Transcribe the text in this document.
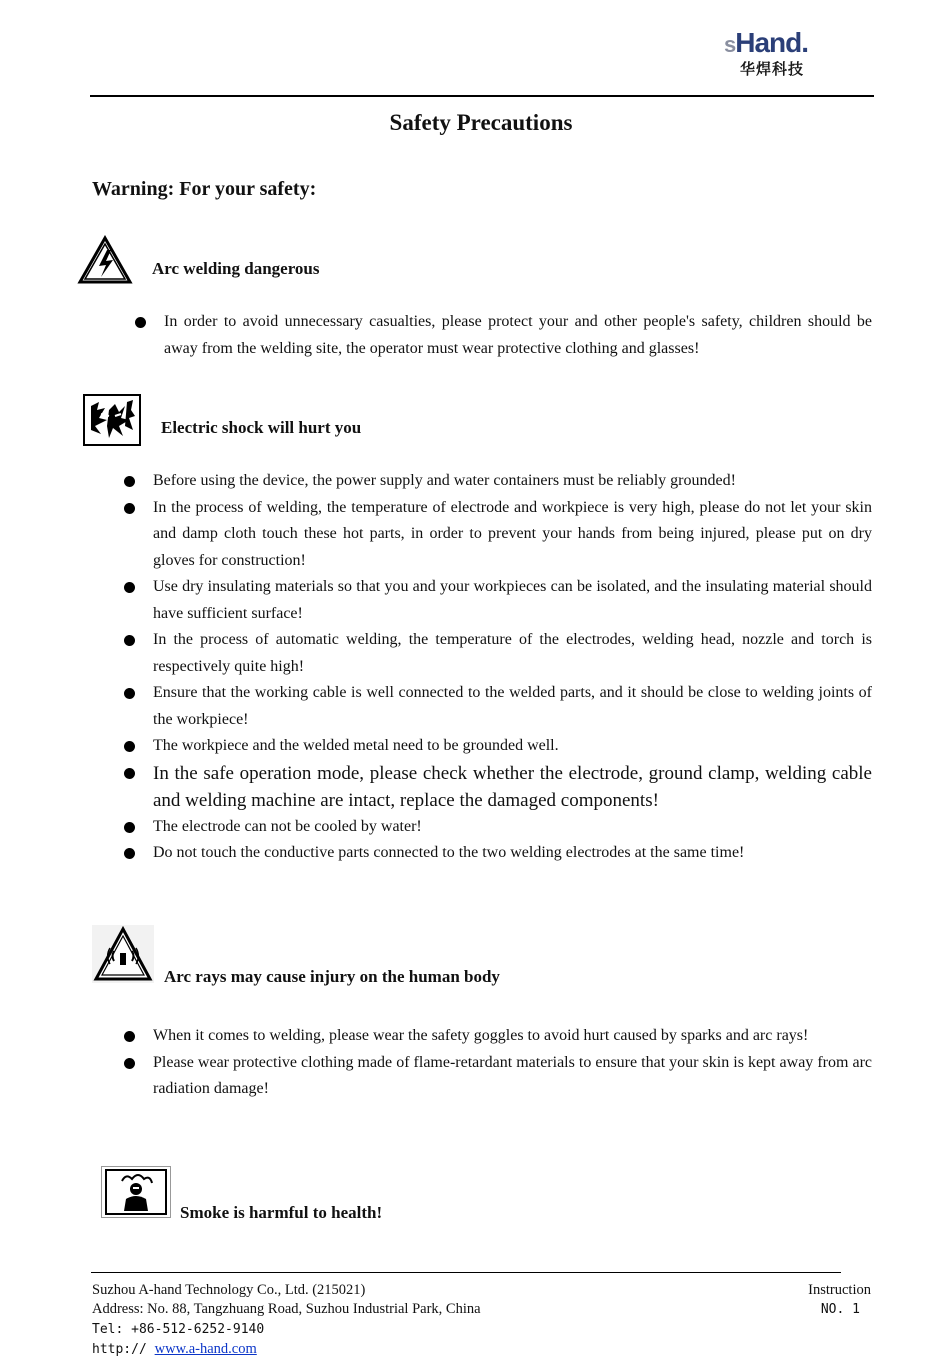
sHand.
华焊科技
Safety Precautions
Warning: For your safety:
Arc welding dangerous
In order to avoid unnecessary casualties, please protect your and other people's safety, children should be away from the welding site, the operator must wear protective clothing and glasses!
Electric shock will hurt you
Before using the device, the power supply and water containers must be reliably grounded!
In the process of welding, the temperature of electrode and workpiece is very high, please do not let your skin and damp cloth touch these hot parts, in order to prevent your hands from being injured, please put on dry gloves for construction!
Use dry insulating materials so that you and your workpieces can be isolated, and the insulating material should have sufficient surface!
In the process of automatic welding, the temperature of the electrodes, welding head, nozzle and torch is respectively quite high!
Ensure that the working cable is well connected to the welded parts, and it should be close to welding joints of the workpiece!
The workpiece and the welded metal need to be grounded well.
In the safe operation mode, please check whether the electrode, ground clamp, welding cable and welding machine are intact, replace the damaged components!
The electrode can not be cooled by water!
Do not touch the conductive parts connected to the two welding electrodes at the same time!
Arc rays may cause injury on the human body
When it comes to welding, please wear the safety goggles to avoid hurt caused by sparks and arc rays!
Please wear protective clothing made of flame-retardant materials to ensure that your skin is kept away from arc radiation damage!
Smoke is harmful to health!
Suzhou A-hand Technology Co., Ltd. (215021)
Address: No. 88, Tangzhuang Road, Suzhou Industrial Park, China
Tel: +86-512-6252-9140
http:// www.a-hand.com
Instruction
NO. 1
